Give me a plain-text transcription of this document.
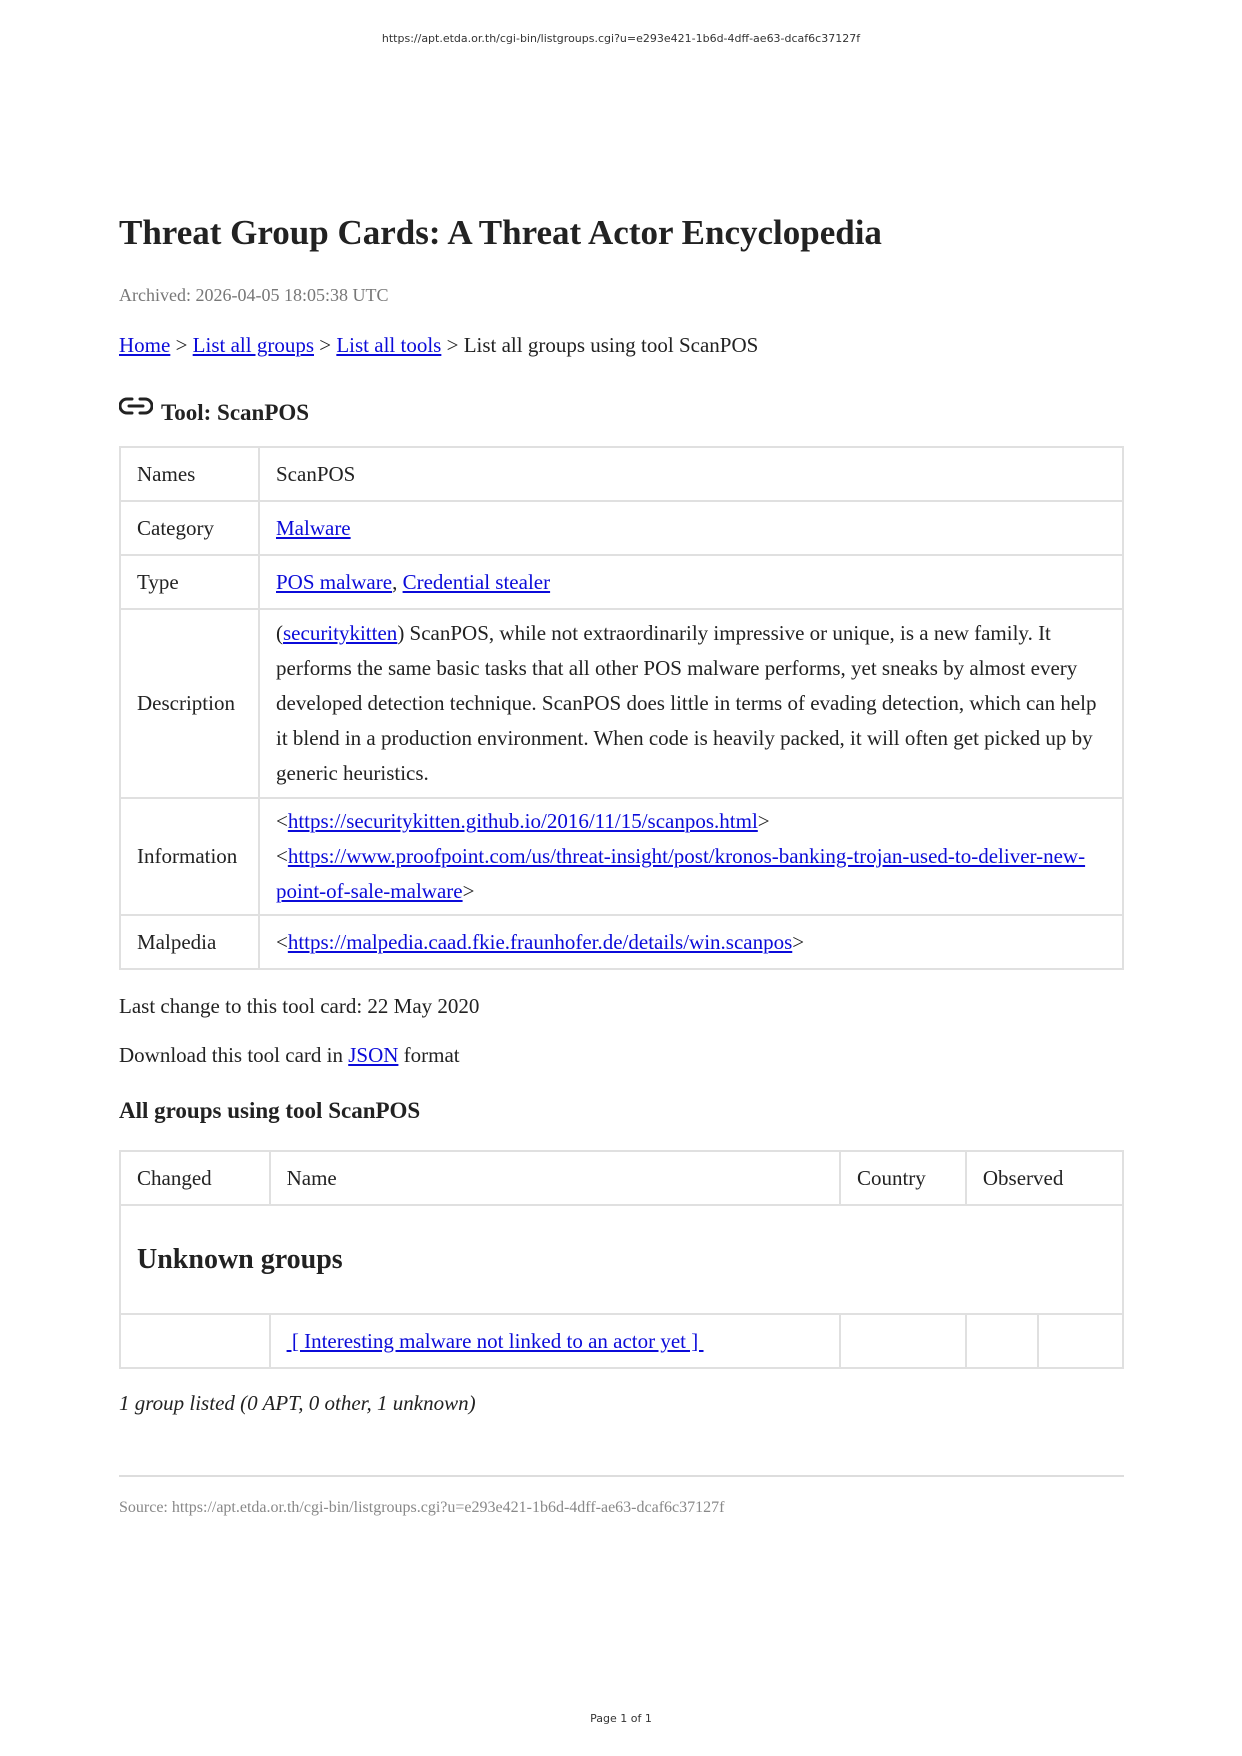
https://apt.etda.or.th/cgi-bin/listgroups.cgi?u=e293e421-1b6d-4dff-ae63-dcaf6c37127f
Threat Group Cards: A Threat Actor Encyclopedia
Archived: 2026-04-05 18:05:38 UTC
Home > List all groups > List all tools > List all groups using tool ScanPOS
Tool: ScanPOS
Names	ScanPOS
Category	Malware
Type	POS malware, Credential stealer
Description	(securitykitten) ScanPOS, while not extraordinarily impressive or unique, is a new family. It performs the same basic tasks that all other POS malware performs, yet sneaks by almost every developed detection technique. ScanPOS does little in terms of evading detection, which can help it blend in a production environment. When code is heavily packed, it will often get picked up by generic heuristics.
Information	<https://securitykitten.github.io/2016/11/15/scanpos.html>
<https://www.proofpoint.com/us/threat-insight/post/kronos-banking-trojan-used-to-deliver-new-point-of-sale-malware>

Malpedia	<https://malpedia.caad.fkie.fraunhofer.de/details/win.scanpos>
Last change to this tool card: 22 May 2020
Download this tool card in JSON format
All groups using tool ScanPOS
Changed	Name	Country	Observed	
Unknown groups				
	[ Interesting malware not linked to an actor yet ]			
1 group listed (0 APT, 0 other, 1 unknown)
Source: https://apt.etda.or.th/cgi-bin/listgroups.cgi?u=e293e421-1b6d-4dff-ae63-dcaf6c37127f
Page 1 of 1
